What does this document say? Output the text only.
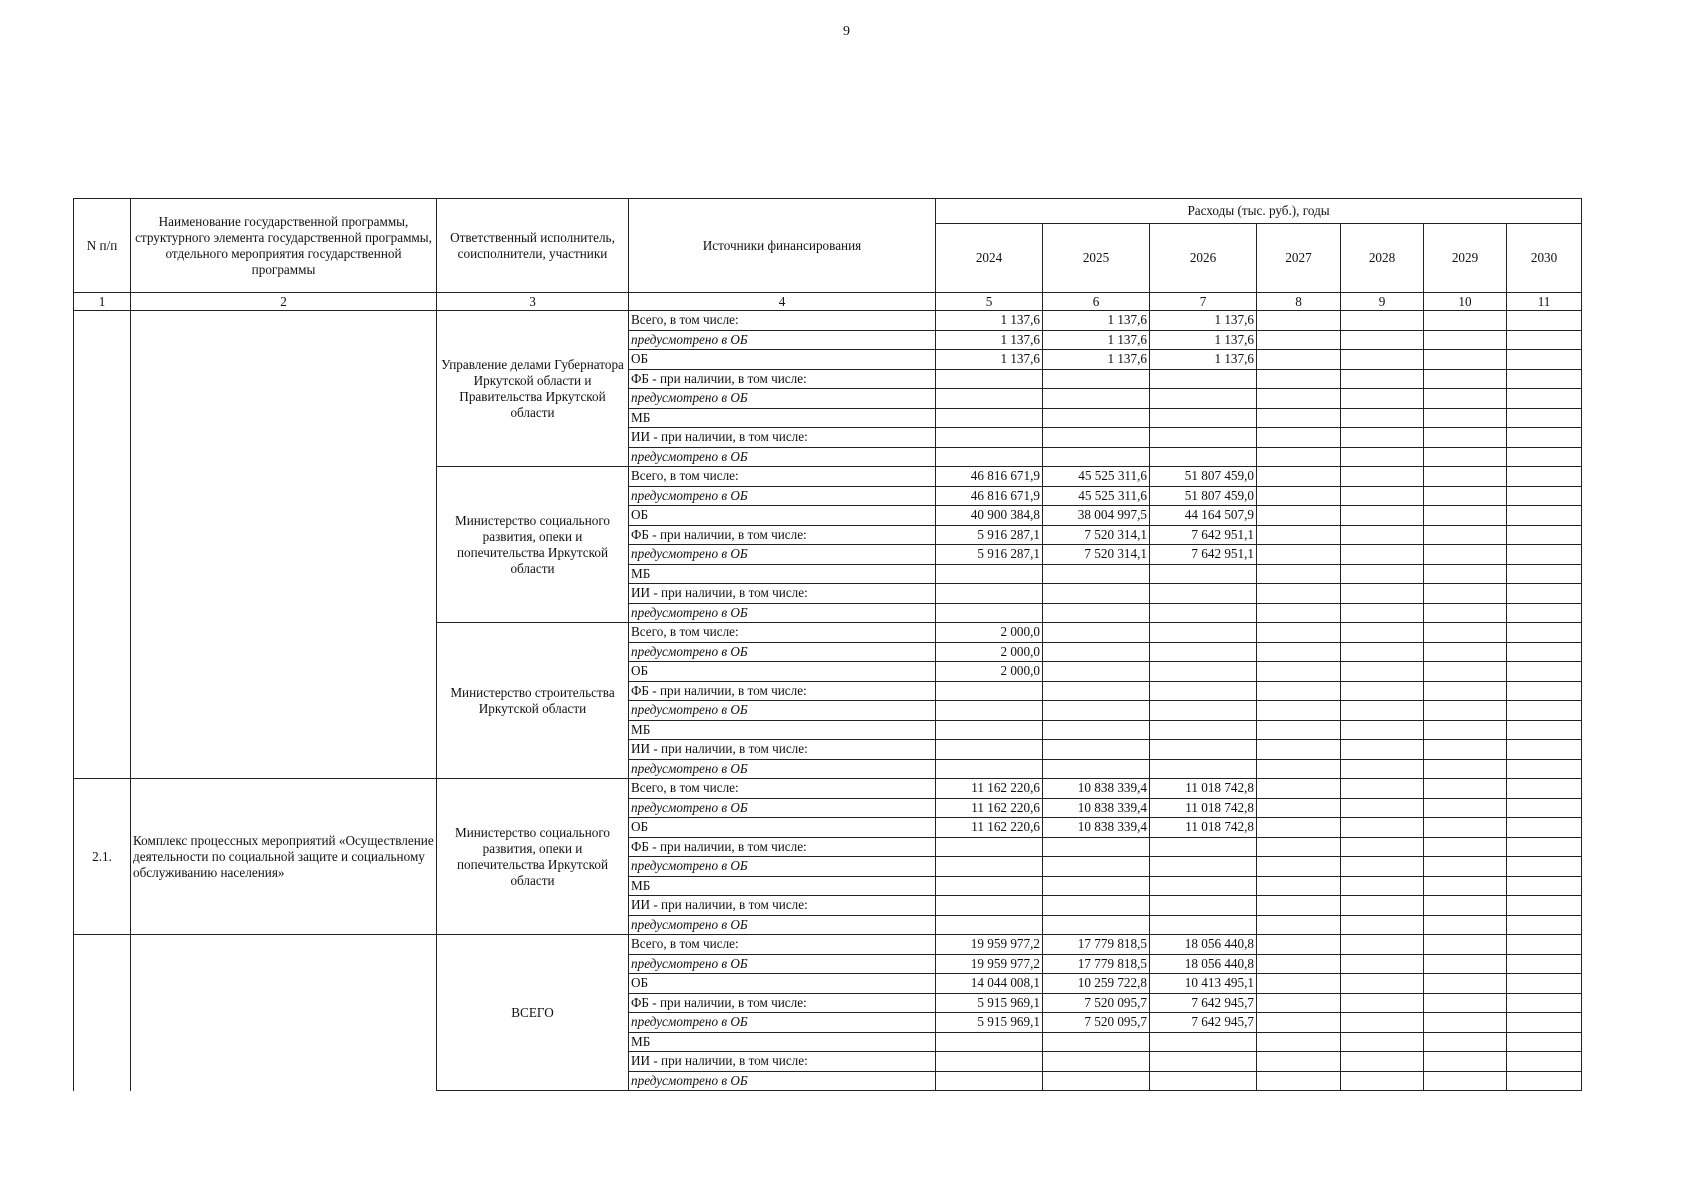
9
N п/п	Наименование государственной программы, структурного элемента государственной программы, отдельного мероприятия государственной программы	Ответственный исполнитель, соисполнители, участники	Источники финансирования	Расходы (тыс. руб.), годы						
				2024	2025	2026	2027	2028	2029	2030
1	2	3	4	5	6	7	8	9	10	11
		Управление делами Губернатора Иркутской области и Правительства Иркутской области	Всего, в том числе:	1 137,6	1 137,6	1 137,6				
			предусмотрено в ОБ	1 137,6	1 137,6	1 137,6				
			ОБ	1 137,6	1 137,6	1 137,6				
			ФБ - при наличии, в том числе:							
			предусмотрено в ОБ							
			МБ							
			ИИ - при наличии, в том числе:							
			предусмотрено в ОБ							
		Министерство социального развития, опеки и попечительства Иркутской области	Всего, в том числе:	46 816 671,9	45 525 311,6	51 807 459,0				
			предусмотрено в ОБ	46 816 671,9	45 525 311,6	51 807 459,0				
			ОБ	40 900 384,8	38 004 997,5	44 164 507,9				
			ФБ - при наличии, в том числе:	5 916 287,1	7 520 314,1	7 642 951,1				
			предусмотрено в ОБ	5 916 287,1	7 520 314,1	7 642 951,1				
			МБ							
			ИИ - при наличии, в том числе:							
			предусмотрено в ОБ							
		Министерство строительства Иркутской области	Всего, в том числе:	2 000,0						
			предусмотрено в ОБ	2 000,0						
			ОБ	2 000,0						
			ФБ - при наличии, в том числе:							
			предусмотрено в ОБ							
			МБ							
			ИИ - при наличии, в том числе:							
			предусмотрено в ОБ							
2.1.	Комплекс процессных мероприятий «Осуществление деятельности по социальной защите и социальному обслуживанию населения»	Министерство социального развития, опеки и попечительства Иркутской области	Всего, в том числе:	11 162 220,6	10 838 339,4	11 018 742,8				
			предусмотрено в ОБ	11 162 220,6	10 838 339,4	11 018 742,8				
			ОБ	11 162 220,6	10 838 339,4	11 018 742,8				
			ФБ - при наличии, в том числе:							
			предусмотрено в ОБ							
			МБ							
			ИИ - при наличии, в том числе:							
			предусмотрено в ОБ							
		ВСЕГО	Всего, в том числе:	19 959 977,2	17 779 818,5	18 056 440,8				
			предусмотрено в ОБ	19 959 977,2	17 779 818,5	18 056 440,8				
			ОБ	14 044 008,1	10 259 722,8	10 413 495,1				
			ФБ - при наличии, в том числе:	5 915 969,1	7 520 095,7	7 642 945,7				
			предусмотрено в ОБ	5 915 969,1	7 520 095,7	7 642 945,7				
			МБ							
			ИИ - при наличии, в том числе:							
			предусмотрено в ОБ							
